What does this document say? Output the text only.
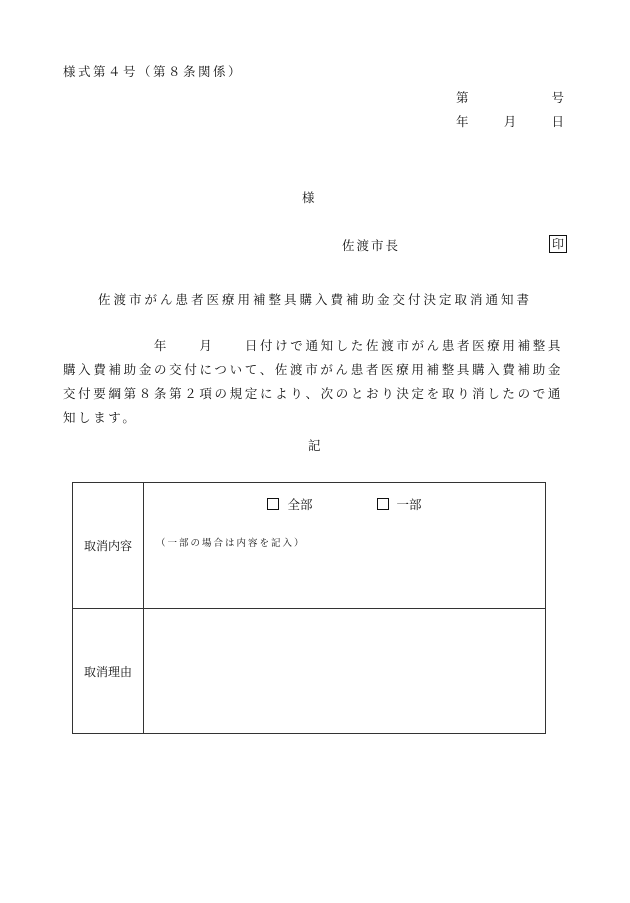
様式第４号（第８条関係）
第	号
年	月	日
様
佐渡市長	印
佐渡市がん患者医療用補整具購入費補助金交付決定取消通知書
　　　　　　年　　月　　日付けで通知した佐渡市がん患者医療用補整具購入費補助金の交付について、佐渡市がん患者医療用補整具購入費補助金交付要綱第８条第２項の規定により、次のとおり決定を取り消したので通知します。
記
取消内容	全部 一部
（一部の場合は内容を記入）

取消理由	
